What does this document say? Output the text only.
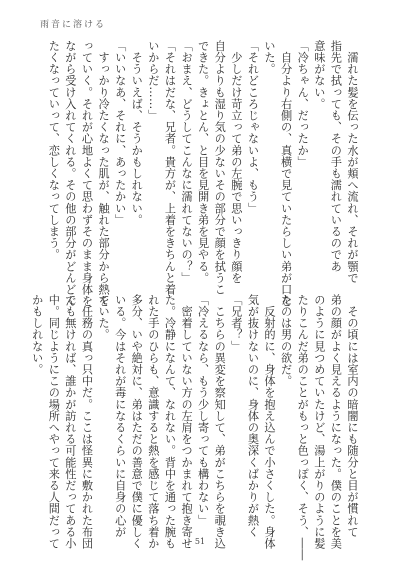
雨音に溶ける
　濡れた髪を伝った水が頬へ流れ、それが顎で
指先で拭っても、その手も濡れているのであ
意味がない。
「冷ちゃん、だったか」
　自分より右側の、真横で見ていたらしい弟が口を
いた。
「それどころじゃないよ、もう」
　少しだけ苛立って弟の左腕で思いっきり顔を
自分よりも湿り気の少ないその部分で顔を拭うこ
できた。きょとん、と目を見開き弟を見やる。
「おまえ、どうしてこんなに濡れてないの？」
「それはだな、兄者。貴方が、上着をきちんと着
いからだ……」
　そういえば、そうかもしれない。
「いいなあ、それに、あったかい」
　すっかり冷たくなった肌が、触れた部分から熱を
っていく。それが心地よくて思わずそのまま身体を
ながら受け入れてくれる。その他の部分がどんどん
たくなっていって、恋しくなってしまう。
　その頃には室内の暗闇にも随分と目が慣れて
弟の顔がよく見えるようになった。僕のことを美
のように見つめていたけど、湯上がりのように髪
たりこんだ弟のことがもっと色っぽく、そう、――
たのは男の欲だ。
　反射的に、身体を抱え込んで小さくした。身体
気が抜けないのに、身体の奥深くばかりが熱く
「兄者？」
　こちらの異変を察知して、弟がこちらを覗き込
「冷えるなら、もう少し寄っても構わない」
　密着していない方の左肩をつかまれて抱き寄せ
た。冷静になんて、なれない。背中を通った腕も
れた手のひらも、意識すると熱を感じて落ち着か
多分、いや絶対に、弟はただの善意で僕に優しく
いる。今はそれが毒になるくらいに自身の心が
ていた。
　任務の真っ只中だ。ここは怪異に敷かれた布団
でも無ければ、誰かが訪れる可能性だってある小
中。同じようにこの場所へやって来る人間だって
かもしれない。
51
